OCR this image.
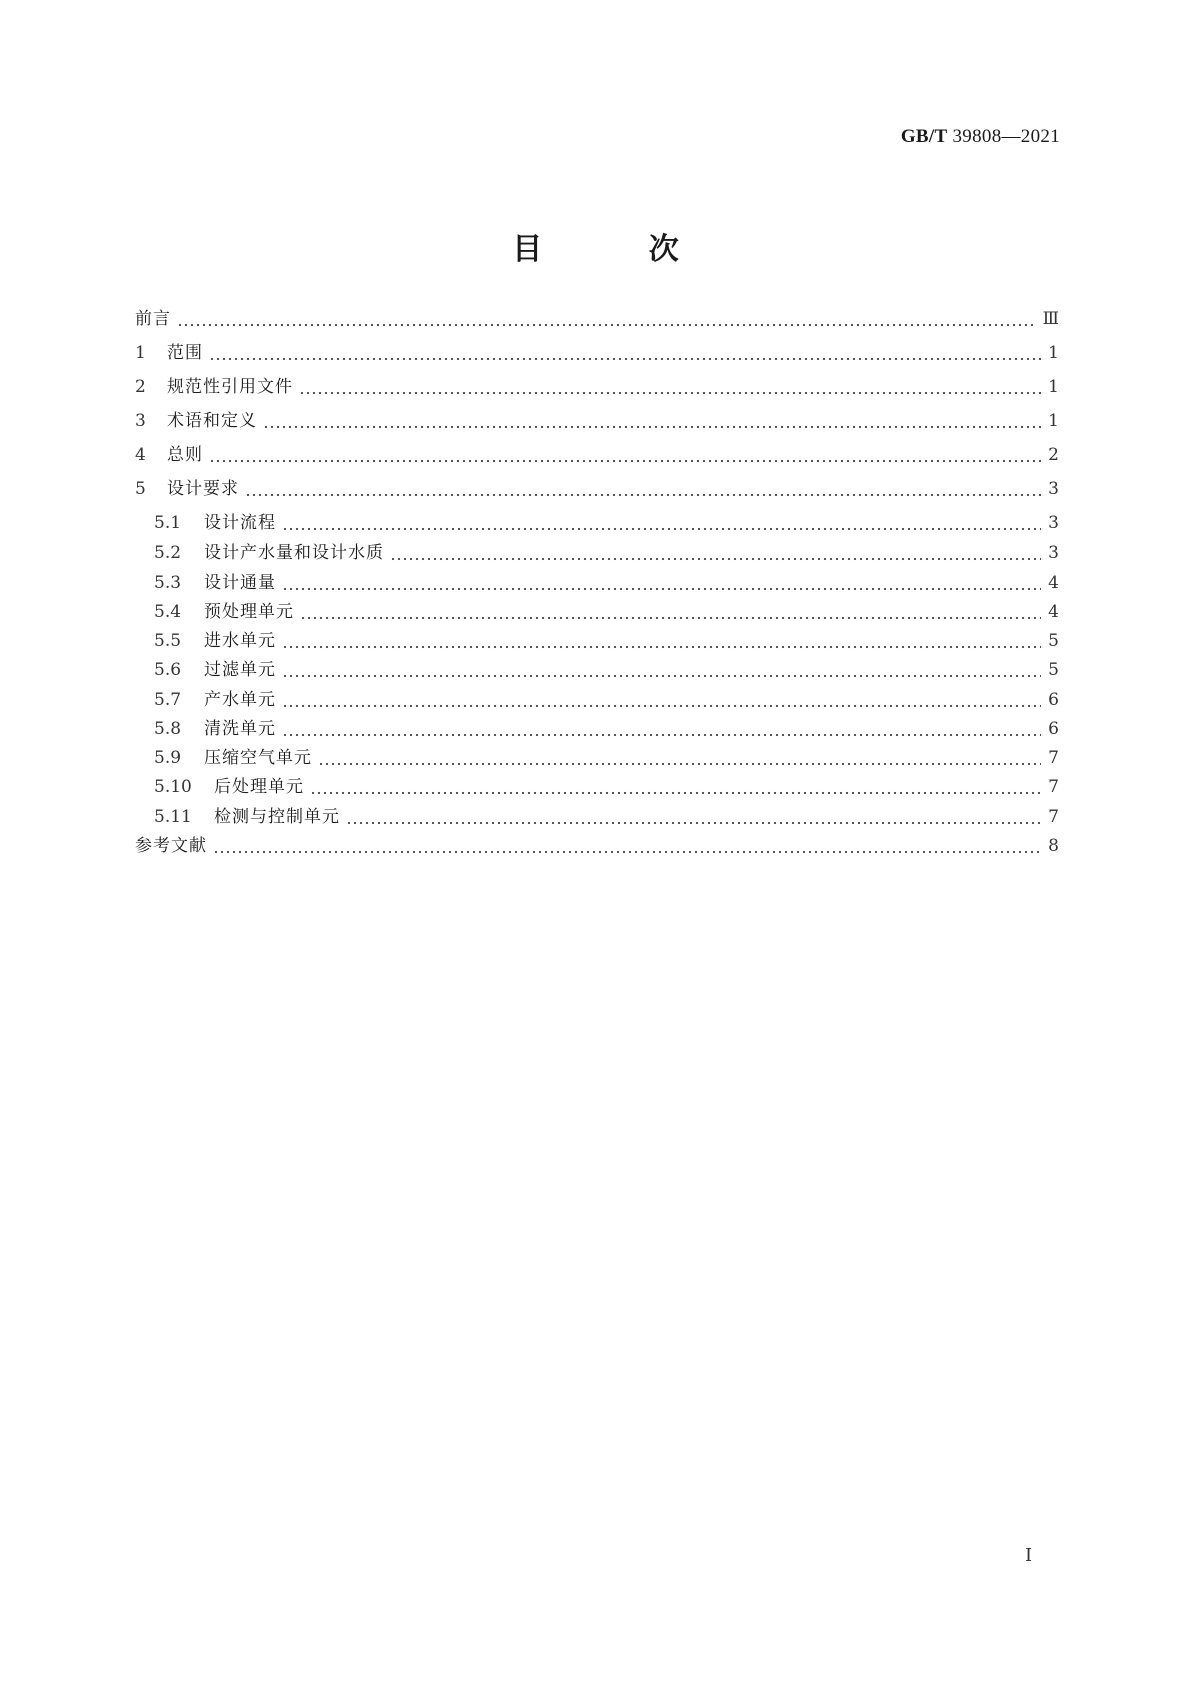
GB/T 39808—2021
目 次
前言	Ⅲ
1	范围	1
2	规范性引用文件	1
3	术语和定义	1
4	总则	2
5	设计要求	3
5.1	设计流程	3
5.2	设计产水量和设计水质	3
5.3	设计通量	4
5.4	预处理单元	4
5.5	进水单元	5
5.6	过滤单元	5
5.7	产水单元	6
5.8	清洗单元	6
5.9	压缩空气单元	7
5.10	后处理单元	7
5.11	检测与控制单元	7
参考文献	8
Ⅰ
